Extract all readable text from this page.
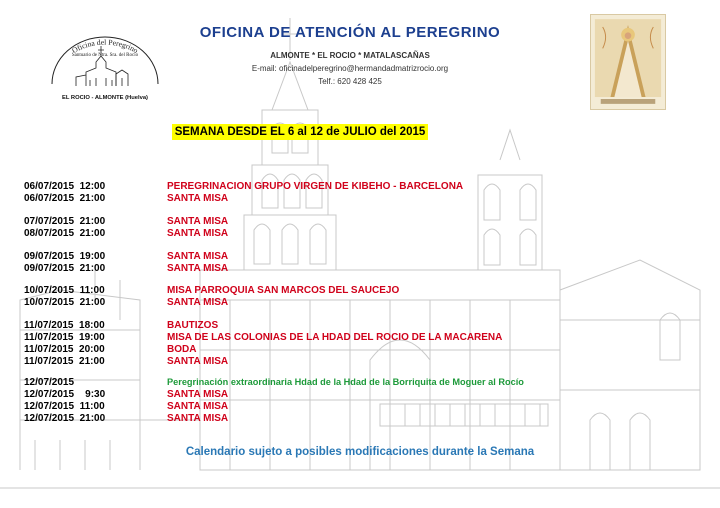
Oficina del Peregrino
Santuario de Ntra. Sra. del Rocío
EL ROCIO - ALMONTE (Huelva)
OFICINA DE ATENCIÓN AL PEREGRINO
ALMONTE * EL ROCIO * MATALASCAÑAS
E-mail: oficinadelperegrino@hermandadmatrizrocio.org
Telf.: 620 428 425
SEMANA DESDE EL 6 al 12 de JULIO del 2015
06/07/2015  12:00	PEREGRINACION GRUPO VIRGEN DE KIBEHO - BARCELONA
06/07/2015  21:00	SANTA MISA
07/07/2015  21:00	SANTA MISA
08/07/2015  21:00	SANTA MISA
09/07/2015  19:00	SANTA MISA
09/07/2015  21:00	SANTA MISA
10/07/2015  11:00	MISA PARROQUIA SAN MARCOS DEL SAUCEJO
10/07/2015  21:00	SANTA MISA
11/07/2015  18:00	BAUTIZOS
11/07/2015  19:00	MISA DE LAS COLONIAS DE LA HDAD DEL ROCIO DE LA MACARENA
11/07/2015  20:00	BODA
11/07/2015  21:00	SANTA MISA
12/07/2015	Peregrinación extraordinaria Hdad de la Hdad de la Borriquita de Moguer al Rocío
12/07/2015    9:30	SANTA MISA
12/07/2015  11:00	SANTA MISA
12/07/2015  21:00	SANTA MISA
Calendario sujeto a posibles modificaciones durante la Semana
